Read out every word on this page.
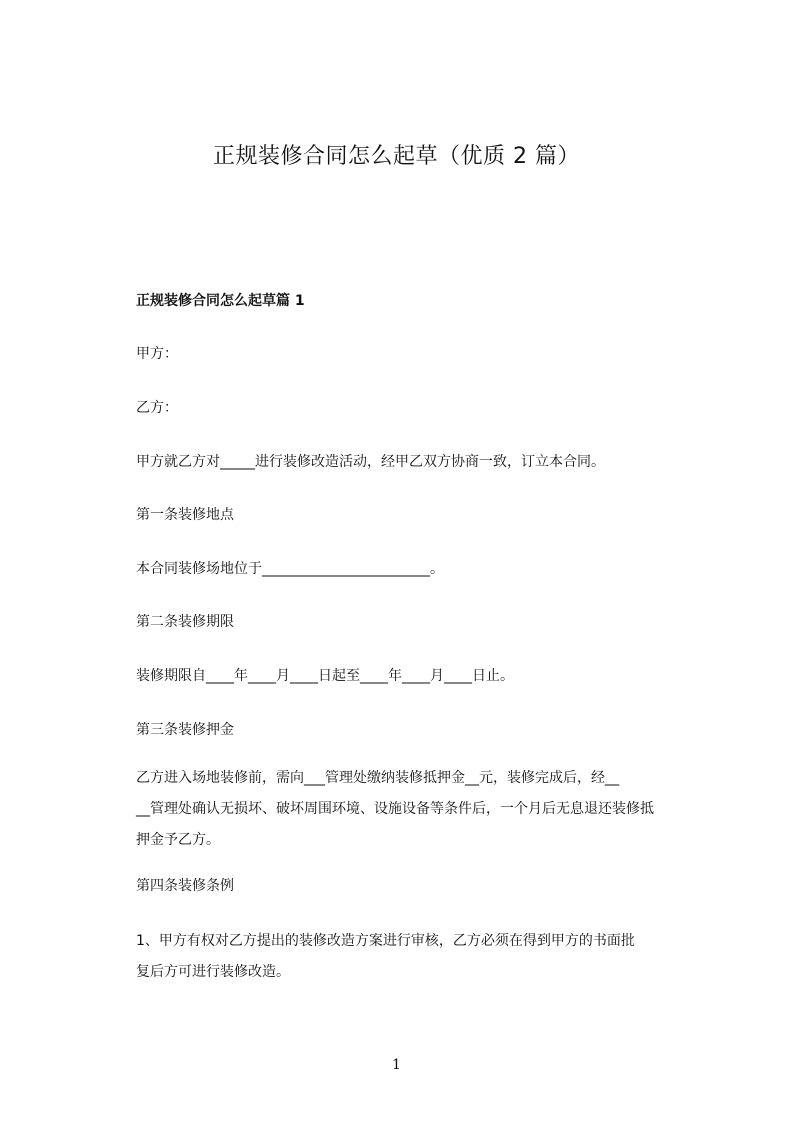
正规装修合同怎么起草（优质 2 篇）

正规装修合同怎么起草篇 1

甲方：

乙方：

甲方就乙方对_____进行装修改造活动，经甲乙双方协商一致，订立本合同。

第一条装修地点

本合同装修场地位于________________________。

第二条装修期限

装修期限自____年____月____日起至____年____月____日止。

第三条装修押金

乙方进入场地装修前，需向___管理处缴纳装修抵押金__元，装修完成后，经__
__管理处确认无损坏、破坏周围环境、设施设备等条件后，一个月后无息退还装修抵
押金予乙方。

第四条装修条例

1、甲方有权对乙方提出的装修改造方案进行审核，乙方必须在得到甲方的书面批
复后方可进行装修改造。

1
